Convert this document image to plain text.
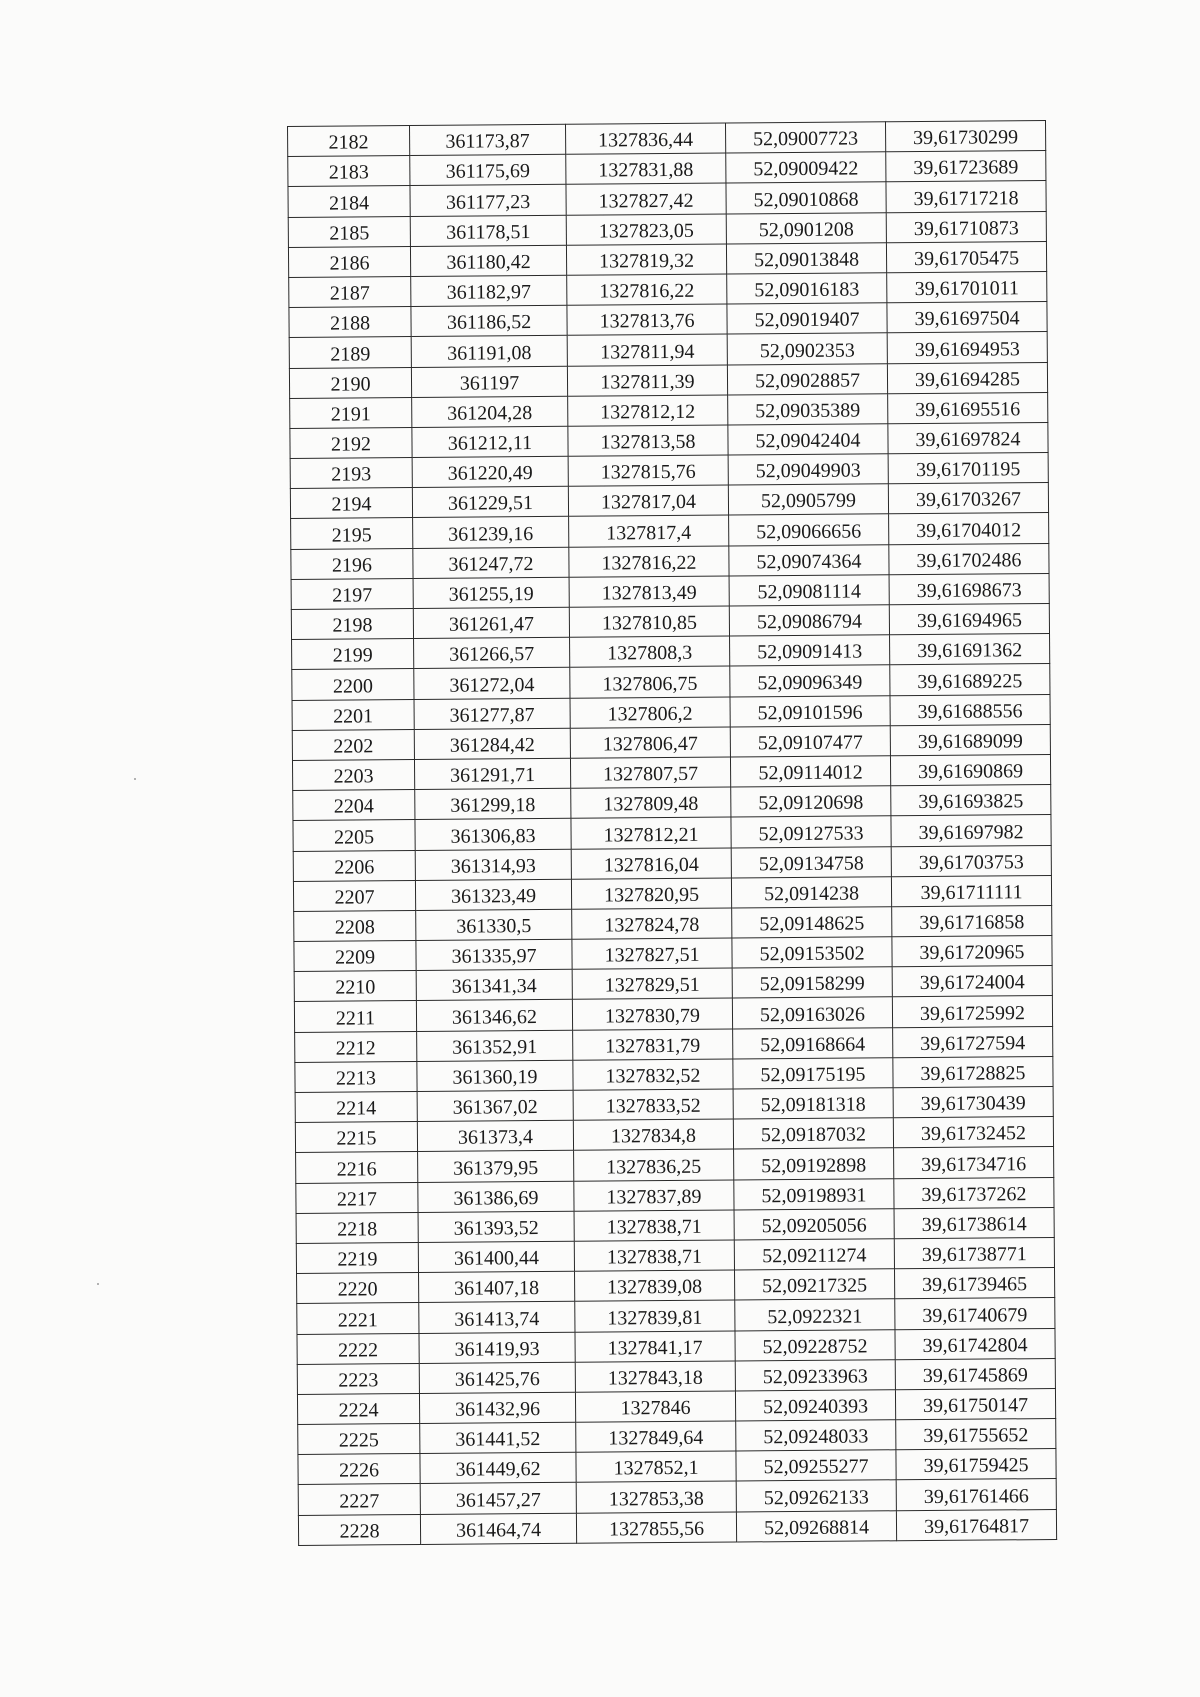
2182	361173,87	1327836,44	52,09007723	39,61730299
2183	361175,69	1327831,88	52,09009422	39,61723689
2184	361177,23	1327827,42	52,09010868	39,61717218
2185	361178,51	1327823,05	52,0901208	39,61710873
2186	361180,42	1327819,32	52,09013848	39,61705475
2187	361182,97	1327816,22	52,09016183	39,61701011
2188	361186,52	1327813,76	52,09019407	39,61697504
2189	361191,08	1327811,94	52,0902353	39,61694953
2190	361197	1327811,39	52,09028857	39,61694285
2191	361204,28	1327812,12	52,09035389	39,61695516
2192	361212,11	1327813,58	52,09042404	39,61697824
2193	361220,49	1327815,76	52,09049903	39,61701195
2194	361229,51	1327817,04	52,0905799	39,61703267
2195	361239,16	1327817,4	52,09066656	39,61704012
2196	361247,72	1327816,22	52,09074364	39,61702486
2197	361255,19	1327813,49	52,09081114	39,61698673
2198	361261,47	1327810,85	52,09086794	39,61694965
2199	361266,57	1327808,3	52,09091413	39,61691362
2200	361272,04	1327806,75	52,09096349	39,61689225
2201	361277,87	1327806,2	52,09101596	39,61688556
2202	361284,42	1327806,47	52,09107477	39,61689099
2203	361291,71	1327807,57	52,09114012	39,61690869
2204	361299,18	1327809,48	52,09120698	39,61693825
2205	361306,83	1327812,21	52,09127533	39,61697982
2206	361314,93	1327816,04	52,09134758	39,61703753
2207	361323,49	1327820,95	52,0914238	39,61711111
2208	361330,5	1327824,78	52,09148625	39,61716858
2209	361335,97	1327827,51	52,09153502	39,61720965
2210	361341,34	1327829,51	52,09158299	39,61724004
2211	361346,62	1327830,79	52,09163026	39,61725992
2212	361352,91	1327831,79	52,09168664	39,61727594
2213	361360,19	1327832,52	52,09175195	39,61728825
2214	361367,02	1327833,52	52,09181318	39,61730439
2215	361373,4	1327834,8	52,09187032	39,61732452
2216	361379,95	1327836,25	52,09192898	39,61734716
2217	361386,69	1327837,89	52,09198931	39,61737262
2218	361393,52	1327838,71	52,09205056	39,61738614
2219	361400,44	1327838,71	52,09211274	39,61738771
2220	361407,18	1327839,08	52,09217325	39,61739465
2221	361413,74	1327839,81	52,0922321	39,61740679
2222	361419,93	1327841,17	52,09228752	39,61742804
2223	361425,76	1327843,18	52,09233963	39,61745869
2224	361432,96	1327846	52,09240393	39,61750147
2225	361441,52	1327849,64	52,09248033	39,61755652
2226	361449,62	1327852,1	52,09255277	39,61759425
2227	361457,27	1327853,38	52,09262133	39,61761466
2228	361464,74	1327855,56	52,09268814	39,61764817
